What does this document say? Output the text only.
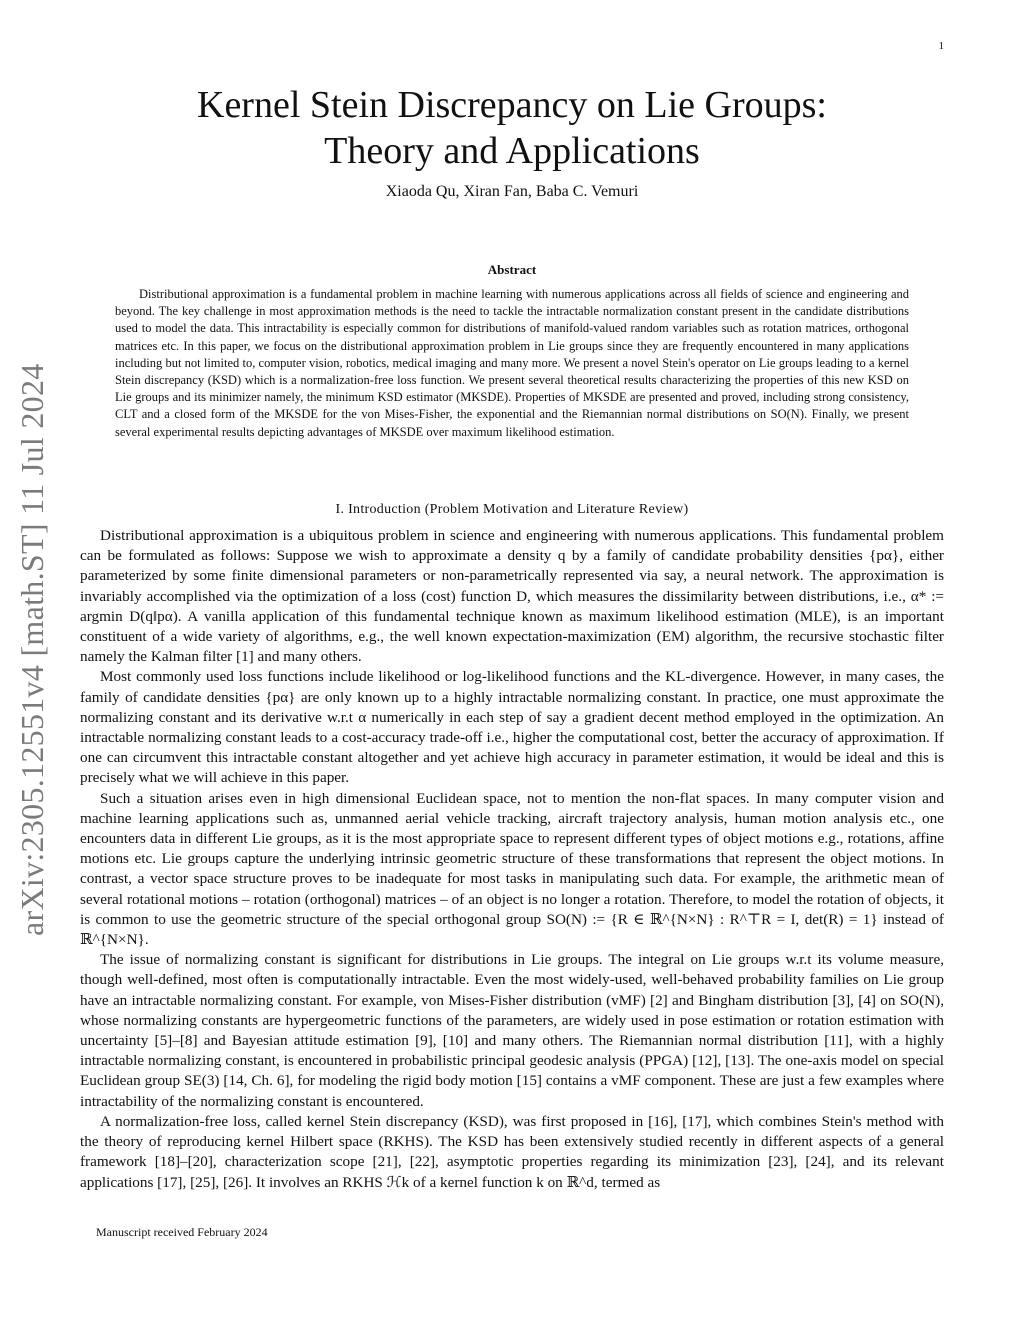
1
arXiv:2305.12551v4 [math.ST] 11 Jul 2024
Kernel Stein Discrepancy on Lie Groups:
Theory and Applications
Xiaoda Qu, Xiran Fan, Baba C. Vemuri
Abstract

Distributional approximation is a fundamental problem in machine learning with numerous applications across all fields of science and engineering and beyond. The key challenge in most approximation methods is the need to tackle the intractable normalization constant present in the candidate distributions used to model the data. This intractability is especially common for distributions of manifold-valued random variables such as rotation matrices, orthogonal matrices etc. In this paper, we focus on the distributional approximation problem in Lie groups since they are frequently encountered in many applications including but not limited to, computer vision, robotics, medical imaging and many more. We present a novel Stein's operator on Lie groups leading to a kernel Stein discrepancy (KSD) which is a normalization-free loss function. We present several theoretical results characterizing the properties of this new KSD on Lie groups and its minimizer namely, the minimum KSD estimator (MKSDE). Properties of MKSDE are presented and proved, including strong consistency, CLT and a closed form of the MKSDE for the von Mises-Fisher, the exponential and the Riemannian normal distributions on SO(N). Finally, we present several experimental results depicting advantages of MKSDE over maximum likelihood estimation.

I. Introduction (Problem Motivation and Literature Review)

Distributional approximation is a ubiquitous problem in science and engineering with numerous applications. This fundamental problem can be formulated as follows: Suppose we wish to approximate a density q by a family of candidate probability densities {pα}, either parameterized by some finite dimensional parameters or non-parametrically represented via say, a neural network. The approximation is invariably accomplished via the optimization of a loss (cost) function D, which measures the dissimilarity between distributions, i.e., α* := argmin D(q‖pα). A vanilla application of this fundamental technique known as maximum likelihood estimation (MLE), is an important constituent of a wide variety of algorithms, e.g., the well known expectation-maximization (EM) algorithm, the recursive stochastic filter namely the Kalman filter [1] and many others.

Most commonly used loss functions include likelihood or log-likelihood functions and the KL-divergence. However, in many cases, the family of candidate densities {pα} are only known up to a highly intractable normalizing constant. In practice, one must approximate the normalizing constant and its derivative w.r.t α numerically in each step of say a gradient decent method employed in the optimization. An intractable normalizing constant leads to a cost-accuracy trade-off i.e., higher the computational cost, better the accuracy of approximation. If one can circumvent this intractable constant altogether and yet achieve high accuracy in parameter estimation, it would be ideal and this is precisely what we will achieve in this paper.

Such a situation arises even in high dimensional Euclidean space, not to mention the non-flat spaces. In many computer vision and machine learning applications such as, unmanned aerial vehicle tracking, aircraft trajectory analysis, human motion analysis etc., one encounters data in different Lie groups, as it is the most appropriate space to represent different types of object motions e.g., rotations, affine motions etc. Lie groups capture the underlying intrinsic geometric structure of these transformations that represent the object motions. In contrast, a vector space structure proves to be inadequate for most tasks in manipulating such data. For example, the arithmetic mean of several rotational motions – rotation (orthogonal) matrices – of an object is no longer a rotation. Therefore, to model the rotation of objects, it is common to use the geometric structure of the special orthogonal group SO(N) := {R ∈ ℝ^{N×N} : R^⊤R = I, det(R) = 1} instead of ℝ^{N×N}.

The issue of normalizing constant is significant for distributions in Lie groups. The integral on Lie groups w.r.t its volume measure, though well-defined, most often is computationally intractable. Even the most widely-used, well-behaved probability families on Lie group have an intractable normalizing constant. For example, von Mises-Fisher distribution (vMF) [2] and Bingham distribution [3], [4] on SO(N), whose normalizing constants are hypergeometric functions of the parameters, are widely used in pose estimation or rotation estimation with uncertainty [5]–[8] and Bayesian attitude estimation [9], [10] and many others. The Riemannian normal distribution [11], with a highly intractable normalizing constant, is encountered in probabilistic principal geodesic analysis (PPGA) [12], [13]. The one-axis model on special Euclidean group SE(3) [14, Ch. 6], for modeling the rigid body motion [15] contains a vMF component. These are just a few examples where intractability of the normalizing constant is encountered.

A normalization-free loss, called kernel Stein discrepancy (KSD), was first proposed in [16], [17], which combines Stein's method with the theory of reproducing kernel Hilbert space (RKHS). The KSD has been extensively studied recently in different aspects of a general framework [18]–[20], characterization scope [21], [22], asymptotic properties regarding its minimization [23], [24], and its relevant applications [17], [25], [26]. It involves an RKHS ℋk of a kernel function k on ℝ^d, termed as

Manuscript received February 2024
